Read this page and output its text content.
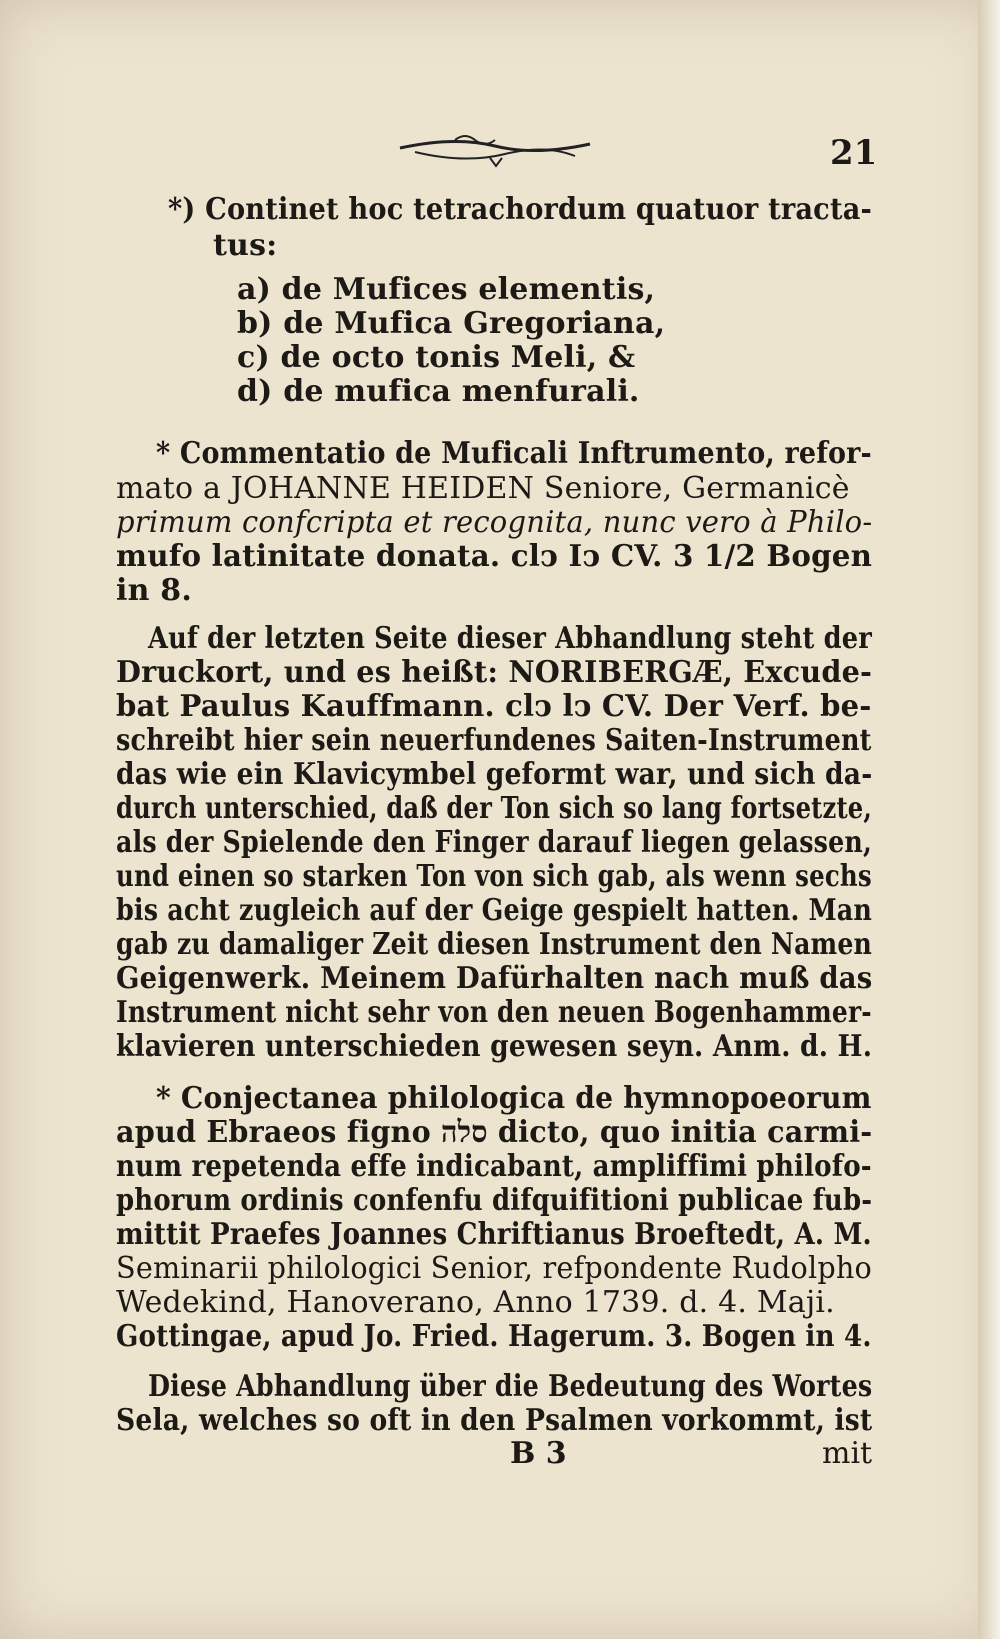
21
*) Continet hoc tetrachordum quatuor tracta-
tus:
a) de Mufices elementis,
b) de Mufica Gregoriana,
c) de octo tonis Meli, &
d) de mufica menfurali.
* Commentatio de Muficali Inftrumento, refor-
mato a JOHANNE HEIDEN Seniore, Germanicè
primum confcripta et recognita, nunc vero à Philo-
mufo latinitate donata. clↄ Iↄ CV. 3 1/2 Bogen
in 8.
Auf der letzten Seite dieser Abhandlung steht der
Druckort, und es heißt: NORIBERGÆ, Excude-
bat Paulus Kauffmann. clↄ lↄ CV. Der Verf. be-
schreibt hier sein neuerfundenes Saiten-Instrument
das wie ein Klavicymbel geformt war, und sich da-
durch unterschied, daß der Ton sich so lang fortsetzte,
als der Spielende den Finger darauf liegen gelassen,
und einen so starken Ton von sich gab, als wenn sechs
bis acht zugleich auf der Geige gespielt hatten. Man
gab zu damaliger Zeit diesen Instrument den Namen
Geigenwerk. Meinem Dafürhalten nach muß das
Instrument nicht sehr von den neuen Bogenhammer-
klavieren unterschieden gewesen seyn. Anm. d. H.
* Conjectanea philologica de hymnopoeorum
apud Ebraeos figno סלה dicto, quo initia carmi-
num repetenda effe indicabant, ampliffimi philofo-
phorum ordinis confenfu difquifitioni publicae fub-
mittit Praefes Joannes Chriftianus Broeftedt, A. M.
Seminarii philologici Senior, refpondente Rudolpho
Wedekind, Hanoverano, Anno 1739. d. 4. Maji.
Gottingae, apud Jo. Fried. Hagerum. 3. Bogen in 4.
Diese Abhandlung über die Bedeutung des Wortes
Sela, welches so oft in den Psalmen vorkommt, ist
B 3	mit
